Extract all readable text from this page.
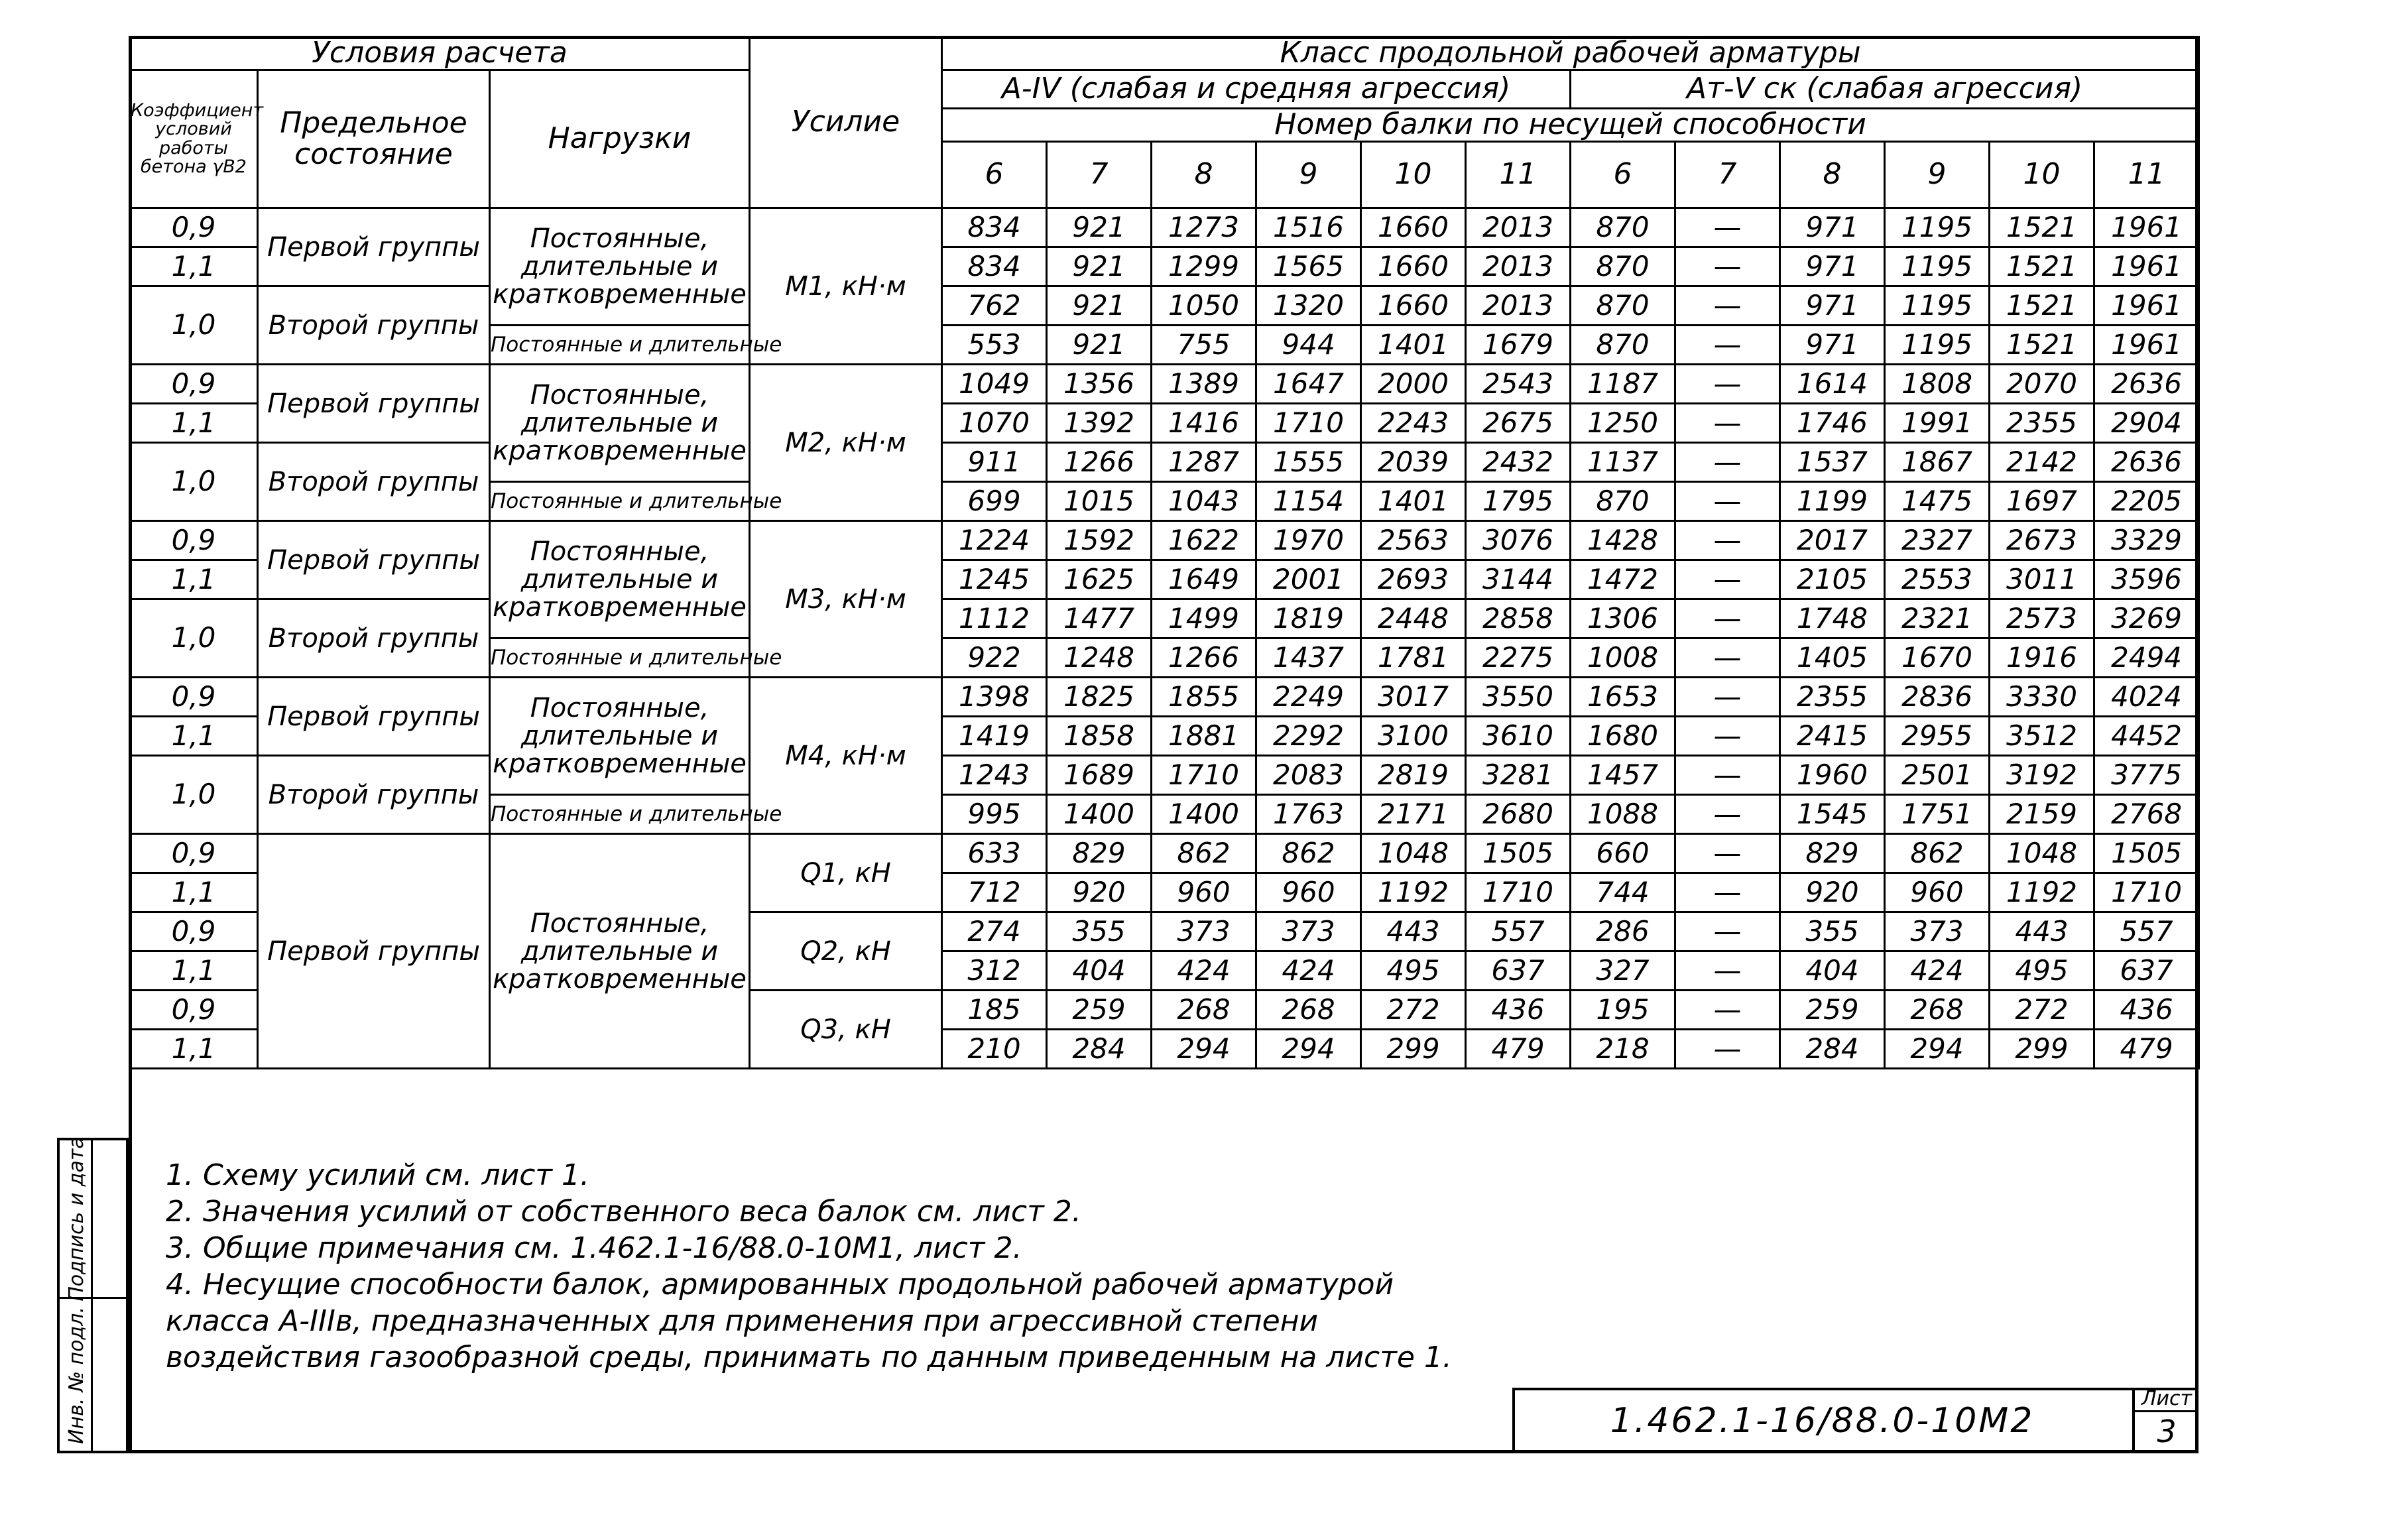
Условия расчета			Усилие	Класс продольной рабочей арматуры											
Коэффициент условий работы бетона γB2	Предельное состояние	Нагрузки		А-IV (слабая и средняя агрессия)						Ат-V ск (слабая агрессия)					
				Номер балки по несущей способности											
				6	7	8	9	10	11	6	7	8	9	10	11

0,9	Первой группы	Постоянные, длительные и кратковременные	M1, кН·м	834	921	1273	1516	1660	2013	870	—	971	1195	1521	1961
1,1				834	921	1299	1565	1660	2013	870	—	971	1195	1521	1961
1,0	Второй группы			762	921	1050	1320	1660	2013	870	—	971	1195	1521	1961
		Постоянные и длительные		553	921	755	944	1401	1679	870	—	971	1195	1521	1961
0,9	Первой группы	Постоянные, длительные и кратковременные	M2, кН·м	1049	1356	1389	1647	2000	2543	1187	—	1614	1808	2070	2636
1,1				1070	1392	1416	1710	2243	2675	1250	—	1746	1991	2355	2904
1,0	Второй группы			911	1266	1287	1555	2039	2432	1137	—	1537	1867	2142	2636
		Постоянные и длительные		699	1015	1043	1154	1401	1795	870	—	1199	1475	1697	2205
0,9	Первой группы	Постоянные, длительные и кратковременные	M3, кН·м	1224	1592	1622	1970	2563	3076	1428	—	2017	2327	2673	3329
1,1				1245	1625	1649	2001	2693	3144	1472	—	2105	2553	3011	3596
1,0	Второй группы			1112	1477	1499	1819	2448	2858	1306	—	1748	2321	2573	3269
		Постоянные и длительные		922	1248	1266	1437	1781	2275	1008	—	1405	1670	1916	2494
0,9	Первой группы	Постоянные, длительные и кратковременные	M4, кН·м	1398	1825	1855	2249	3017	3550	1653	—	2355	2836	3330	4024
1,1				1419	1858	1881	2292	3100	3610	1680	—	2415	2955	3512	4452
1,0	Второй группы			1243	1689	1710	2083	2819	3281	1457	—	1960	2501	3192	3775
		Постоянные и длительные		995	1400	1400	1763	2171	2680	1088	—	1545	1751	2159	2768
0,9	Первой группы	Постоянные, длительные и кратковременные	Q1, кН	633	829	862	862	1048	1505	660	—	829	862	1048	1505
1,1				712	920	960	960	1192	1710	744	—	920	960	1192	1710
0,9			Q2, кН	274	355	373	373	443	557	286	—	355	373	443	557
1,1				312	404	424	424	495	637	327	—	404	424	495	637
0,9			Q3, кН	185	259	268	268	272	436	195	—	259	268	272	436
1,1				210	284	294	294	299	479	218	—	284	294	299	479
1. Схему усилий см. лист 1.
2. Значения усилий от собственного веса балок см. лист 2.
3. Общие примечания см. 1.462.1-16/88.0-10М1, лист 2.
4. Несущие способности балок, армированных продольной рабочей арматурой
класса А-IIIв, предназначенных для применения при агрессивной степени
воздействия газообразной среды, принимать по данным приведенным на листе 1.
1.462.1-16/88.0-10М2
Лист
3
Подпись и дата
Инв. № подл.
